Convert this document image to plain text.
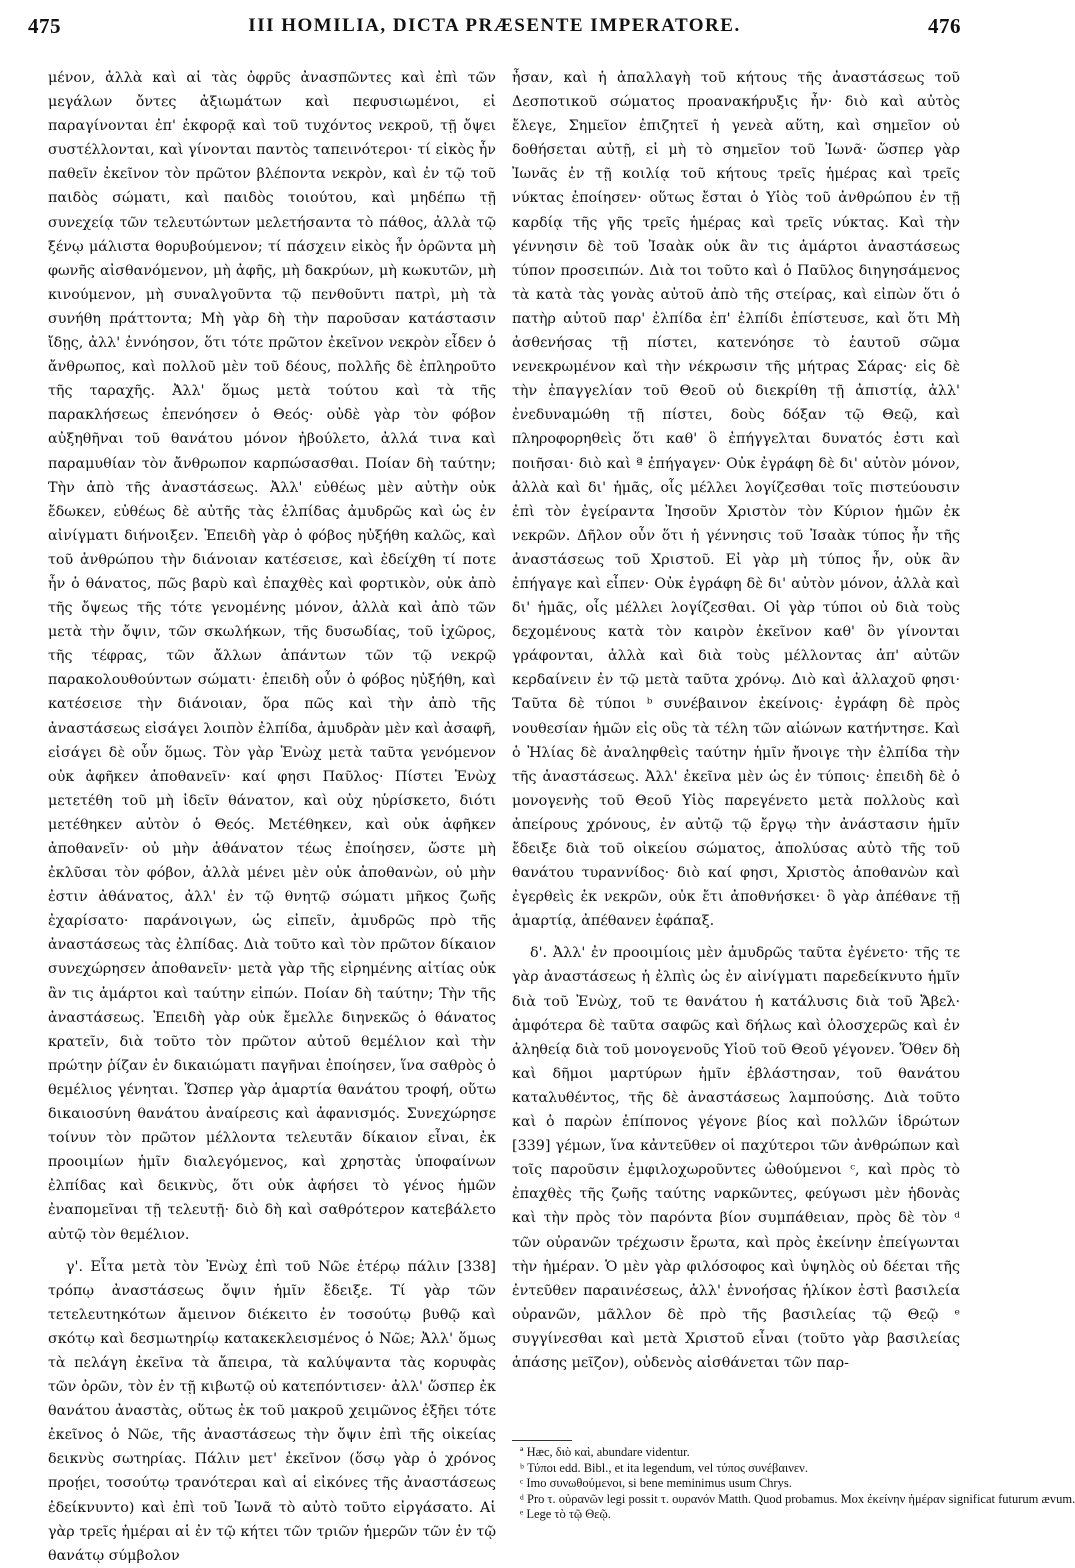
475	III HOMILIA, DICTA PRÆSENTE IMPERATORE.	476

μένον, ἀλλὰ καὶ αἱ τὰς ὀφρῦς ἀνασπῶντες καὶ ἐπὶ τῶν μεγάλων ὄντες ἀξιωμάτων καὶ πεφυσιωμένοι, εἰ παραγίνονται ἐπ' ἐκφορᾷ καὶ τοῦ τυχόντος νεκροῦ, τῇ ὄψει συστέλλονται, καὶ γίνονται παντὸς ταπεινότεροι· τί εἰκὸς ἦν παθεῖν ἐκεῖνον τὸν πρῶτον βλέποντα νεκρὸν, καὶ ἐν τῷ τοῦ παιδὸς σώματι, καὶ παιδὸς τοιούτου, καὶ μηδέπω τῇ συνεχείᾳ τῶν τελευτώντων μελετήσαντα τὸ πάθος, ἀλλὰ τῷ ξένῳ μάλιστα θορυβούμενον; τί πάσχειν εἰκὸς ἦν ὁρῶντα μὴ φωνῆς αἰσθανόμενον, μὴ ἀφῆς, μὴ δακρύων, μὴ κωκυτῶν, μὴ κινούμενον, μὴ συναλγοῦντα τῷ πενθοῦντι πατρὶ, μὴ τὰ συνήθη πράττοντα; Μὴ γὰρ δὴ τὴν παροῦσαν κατάστασιν ἴδῃς, ἀλλ' ἐννόησον, ὅτι τότε πρῶτον ἐκεῖνον νεκρὸν εἶδεν ὁ ἄνθρωπος, καὶ πολλοῦ μὲν τοῦ δέους, πολλῆς δὲ ἐπληροῦτο τῆς ταραχῆς. Ἀλλ' ὅμως μετὰ τούτου καὶ τὰ τῆς παρακλήσεως ἐπενόησεν ὁ Θεός· οὐδὲ γὰρ τὸν φόβον αὐξηθῆναι τοῦ θανάτου μόνον ἠβούλετο, ἀλλά τινα καὶ παραμυθίαν τὸν ἄνθρωπον καρπώσασθαι. Ποίαν δὴ ταύτην; Τὴν ἀπὸ τῆς ἀναστάσεως. Ἀλλ' εὐθέως μὲν αὐτὴν οὐκ ἔδωκεν, εὐθέως δὲ αὐτῆς τὰς ἐλπίδας ἀμυδρῶς καὶ ὡς ἐν αἰνίγματι διήνοιξεν. Ἐπειδὴ γὰρ ὁ φόβος ηὐξήθη καλῶς, καὶ τοῦ ἀνθρώπου τὴν διάνοιαν κατέσεισε, καὶ ἐδείχθη τί ποτε ἦν ὁ θάνατος, πῶς βαρὺ καὶ ἐπαχθὲς καὶ φορτικὸν, οὐκ ἀπὸ τῆς ὄψεως τῆς τότε γενομένης μόνον, ἀλλὰ καὶ ἀπὸ τῶν μετὰ τὴν ὄψιν, τῶν σκωλήκων, τῆς δυσωδίας, τοῦ ἰχῶρος, τῆς τέφρας, τῶν ἄλλων ἁπάντων τῶν τῷ νεκρῷ παρακολουθούντων σώματι· ἐπειδὴ οὖν ὁ φόβος ηὐξήθη, καὶ κατέσεισε τὴν διάνοιαν, ὅρα πῶς καὶ τὴν ἀπὸ τῆς ἀναστάσεως εἰσάγει λοιπὸν ἐλπίδα, ἀμυδρὰν μὲν καὶ ἀσαφῆ, εἰσάγει δὲ οὖν ὅμως. Τὸν γὰρ Ἐνὼχ μετὰ ταῦτα γενόμενον οὐκ ἀφῆκεν ἀποθανεῖν· καί φησι Παῦλος· Πίστει Ἐνὼχ μετετέθη τοῦ μὴ ἰδεῖν θάνατον, καὶ οὐχ ηὑρίσκετο, διότι μετέθηκεν αὐτὸν ὁ Θεός. Μετέθηκεν, καὶ οὐκ ἀφῆκεν ἀποθανεῖν· οὐ μὴν ἀθάνατον τέως ἐποίησεν, ὥστε μὴ ἐκλῦσαι τὸν φόβον, ἀλλὰ μένει μὲν οὐκ ἀποθανὼν, οὐ μὴν ἐστιν ἀθάνατος, ἀλλ' ἐν τῷ θνητῷ σώματι μῆκος ζωῆς ἐχαρίσατο· παράνοιγων, ὡς εἰπεῖν, ἀμυδρῶς πρὸ τῆς ἀναστάσεως τὰς ἐλπίδας. Διὰ τοῦτο καὶ τὸν πρῶτον δίκαιον συνεχώρησεν ἀποθανεῖν· μετὰ γὰρ τῆς εἰρημένης αἰτίας οὐκ ἂν τις ἁμάρτοι καὶ ταύτην εἰπών. Ποίαν δὴ ταύτην; Τὴν τῆς ἀναστάσεως. Ἐπειδὴ γὰρ οὐκ ἔμελλε διηνεκῶς ὁ θάνατος κρατεῖν, διὰ τοῦτο τὸν πρῶτον αὐτοῦ θεμέλιον καὶ τὴν πρώτην ῥίζαν ἐν δικαιώματι παγῆναι ἐποίησεν, ἵνα σαθρὸς ὁ θεμέλιος γένηται. Ὥσπερ γὰρ ἁμαρτία θανάτου τροφή, οὕτω δικαιοσύνη θανάτου ἀναίρεσις καὶ ἀφανισμός. Συνεχώρησε τοίνυν τὸν πρῶτον μέλλοντα τελευτᾶν δίκαιον εἶναι, ἐκ προοιμίων ἡμῖν διαλεγόμενος, καὶ χρηστὰς ὑποφαίνων ἐλπίδας καὶ δεικνὺς, ὅτι οὐκ ἀφήσει τὸ γένος ἡμῶν ἐναπομεῖναι τῇ τελευτῇ· διὸ δὴ καὶ σαθρότερον κατεβάλετο αὐτῷ τὸν θεμέλιον.

γ'. Εἶτα μετὰ τὸν Ἐνὼχ ἐπὶ τοῦ Νῶε ἑτέρῳ πάλιν [338] τρόπῳ ἀναστάσεως ὄψιν ἡμῖν ἔδειξε. Τί γὰρ τῶν τετελευτηκότων ἄμεινον διέκειτο ἐν τοσούτῳ βυθῷ καὶ σκότῳ καὶ δεσμωτηρίῳ κατακεκλεισμένος ὁ Νῶε; Ἀλλ' ὅμως τὰ πελάγη ἐκεῖνα τὰ ἄπειρα, τὰ καλύψαντα τὰς κορυφὰς τῶν ὀρῶν, τὸν ἐν τῇ κιβωτῷ οὐ κατεπόντισεν· ἀλλ' ὥσπερ ἐκ θανάτου ἀναστὰς, οὕτως ἐκ τοῦ μακροῦ χειμῶνος ἐξῆει τότε ἐκεῖνος ὁ Νῶε, τῆς ἀναστάσεως τὴν ὄψιν ἐπὶ τῆς οἰκείας δεικνὺς σωτηρίας. Πάλιν μετ' ἐκεῖνον (ὅσῳ γὰρ ὁ χρόνος προῄει, τοσούτῳ τρανότεραι καὶ αἱ εἰκόνες τῆς ἀναστάσεως ἐδείκνυντο) καὶ ἐπὶ τοῦ Ἰωνᾶ τὸ αὐτὸ τοῦτο εἰργάσατο. Αἱ γὰρ τρεῖς ἡμέραι αἱ ἐν τῷ κήτει τῶν τριῶν ἡμερῶν τῶν ἐν τῷ θανάτῳ σύμβολον

ἦσαν, καὶ ἡ ἀπαλλαγὴ τοῦ κήτους τῆς ἀναστάσεως τοῦ Δεσποτικοῦ σώματος προανακήρυξις ἦν· διὸ καὶ αὐτὸς ἔλεγε, Σημεῖον ἐπιζητεῖ ἡ γενεὰ αὕτη, καὶ σημεῖον οὐ δοθήσεται αὐτῇ, εἰ μὴ τὸ σημεῖον τοῦ Ἰωνᾶ· ὥσπερ γὰρ Ἰωνᾶς ἐν τῇ κοιλίᾳ τοῦ κήτους τρεῖς ἡμέρας καὶ τρεῖς νύκτας ἐποίησεν· οὕτως ἔσται ὁ Υἱὸς τοῦ ἀνθρώπου ἐν τῇ καρδίᾳ τῆς γῆς τρεῖς ἡμέρας καὶ τρεῖς νύκτας. Καὶ τὴν γέννησιν δὲ τοῦ Ἰσαὰκ οὐκ ἂν τις ἁμάρτοι ἀναστάσεως τύπον προσειπών. Διὰ τοι τοῦτο καὶ ὁ Παῦλος διηγησάμενος τὰ κατὰ τὰς γονὰς αὐτοῦ ἀπὸ τῆς στείρας, καὶ εἰπὼν ὅτι ὁ πατὴρ αὐτοῦ παρ' ἐλπίδα ἐπ' ἐλπίδι ἐπίστευσε, καὶ ὅτι Μὴ ἀσθενήσας τῇ πίστει, κατενόησε τὸ ἑαυτοῦ σῶμα νενεκρωμένον καὶ τὴν νέκρωσιν τῆς μήτρας Σάρας· εἰς δὲ τὴν ἐπαγγελίαν τοῦ Θεοῦ οὐ διεκρίθη τῇ ἀπιστίᾳ, ἀλλ' ἐνεδυναμώθη τῇ πίστει, δοὺς δόξαν τῷ Θεῷ, καὶ πληροφορηθεὶς ὅτι καθ' ὃ ἐπήγγελται δυνατός ἐστι καὶ ποιῆσαι· διὸ καὶ ª ἐπήγαγεν· Οὐκ ἐγράφη δὲ δι' αὐτὸν μόνον, ἀλλὰ καὶ δι' ἡμᾶς, οἷς μέλλει λογίζεσθαι τοῖς πιστεύουσιν ἐπὶ τὸν ἐγείραντα Ἰησοῦν Χριστὸν τὸν Κύριον ἡμῶν ἐκ νεκρῶν. Δῆλον οὖν ὅτι ἡ γέννησις τοῦ Ἰσαὰκ τύπος ἦν τῆς ἀναστάσεως τοῦ Χριστοῦ. Εἰ γὰρ μὴ τύπος ἦν, οὐκ ἂν ἐπήγαγε καὶ εἶπεν· Οὐκ ἐγράφη δὲ δι' αὐτὸν μόνον, ἀλλὰ καὶ δι' ἡμᾶς, οἷς μέλλει λογίζεσθαι. Οἱ γὰρ τύποι οὐ διὰ τοὺς δεχομένους κατὰ τὸν καιρὸν ἐκεῖνον καθ' ὃν γίνονται γράφονται, ἀλλὰ καὶ διὰ τοὺς μέλλοντας ἀπ' αὐτῶν κερδαίνειν ἐν τῷ μετὰ ταῦτα χρόνῳ. Διὸ καὶ ἀλλαχοῦ φησι· Ταῦτα δὲ τύποι ᵇ συνέβαινον ἐκείνοις· ἐγράφη δὲ πρὸς νουθεσίαν ἡμῶν εἰς οὓς τὰ τέλη τῶν αἰώνων κατήντησε. Καὶ ὁ Ἠλίας δὲ ἀναληφθεὶς ταύτην ἡμῖν ἤνοιγε τὴν ἐλπίδα τὴν τῆς ἀναστάσεως. Ἀλλ' ἐκεῖνα μὲν ὡς ἐν τύποις· ἐπειδὴ δὲ ὁ μονογενὴς τοῦ Θεοῦ Υἱὸς παρεγένετο μετὰ πολλοὺς καὶ ἀπείρους χρόνους, ἐν αὐτῷ τῷ ἔργῳ τὴν ἀνάστασιν ἡμῖν ἔδειξε διὰ τοῦ οἰκείου σώματος, ἀπολύσας αὐτὸ τῆς τοῦ θανάτου τυραννίδος· διὸ καί φησι, Χριστὸς ἀποθανὼν καὶ ἐγερθεὶς ἐκ νεκρῶν, οὐκ ἔτι ἀποθνήσκει· ὃ γὰρ ἀπέθανε τῇ ἁμαρτίᾳ, ἀπέθανεν ἐφάπαξ.

δ'. Ἀλλ' ἐν προοιμίοις μὲν ἀμυδρῶς ταῦτα ἐγένετο· τῆς τε γὰρ ἀναστάσεως ἡ ἐλπὶς ὡς ἐν αἰνίγματι παρεδείκνυτο ἡμῖν διὰ τοῦ Ἐνὼχ, τοῦ τε θανάτου ἡ κατάλυσις διὰ τοῦ Ἄβελ· ἀμφότερα δὲ ταῦτα σαφῶς καὶ δήλως καὶ ὁλοσχερῶς καὶ ἐν ἀληθείᾳ διὰ τοῦ μονογενοῦς Υἱοῦ τοῦ Θεοῦ γέγονεν. Ὅθεν δὴ καὶ δῆμοι μαρτύρων ἡμῖν ἐβλάστησαν, τοῦ θανάτου καταλυθέντος, τῆς δὲ ἀναστάσεως λαμπούσης. Διὰ τοῦτο καὶ ὁ παρὼν ἐπίπονος γέγονε βίος καὶ πολλῶν ἱδρώτων [339] γέμων, ἵνα κἀντεῦθεν οἱ παχύτεροι τῶν ἀνθρώπων καὶ τοῖς παροῦσιν ἐμφιλοχωροῦντες ὠθούμενοι ᶜ, καὶ πρὸς τὸ ἐπαχθὲς τῆς ζωῆς ταύτης ναρκῶντες, φεύγωσι μὲν ἡδονὰς καὶ τὴν πρὸς τὸν παρόντα βίον συμπάθειαν, πρὸς δὲ τὸν ᵈ τῶν οὐρανῶν τρέχωσιν ἔρωτα, καὶ πρὸς ἐκείνην ἐπείγωνται τὴν ἡμέραν. Ὁ μὲν γὰρ φιλόσοφος καὶ ὑψηλὸς οὐ δέεται τῆς ἐντεῦθεν παραινέσεως, ἀλλ' ἐννοήσας ἡλίκον ἐστὶ βασιλεία οὐρανῶν, μᾶλλον δὲ πρὸ τῆς βασιλείας τῷ Θεῷ ᵉ συγγίνεσθαι καὶ μετὰ Χριστοῦ εἶναι (τοῦτο γὰρ βασιλείας ἁπάσης μεῖζον), οὐδενὸς αἰσθάνεται τῶν παρ-

ª Hæc, διὸ καὶ, abundare videntur.
ᵇ Τύποι edd. Bibl., et ita legendum, vel τύπος συνέβαινεν.
ᶜ Imo συνωθούμενοι, si bene meminimus usum Chrys.
ᵈ Pro τ. οὐρανῶν legi possit τ. ουρανόν Matth. Quod probamus. Mox ἐκείνην ἡμέραν significat futurum ævum.
ᵉ Lege τὸ τῷ Θεῷ.
